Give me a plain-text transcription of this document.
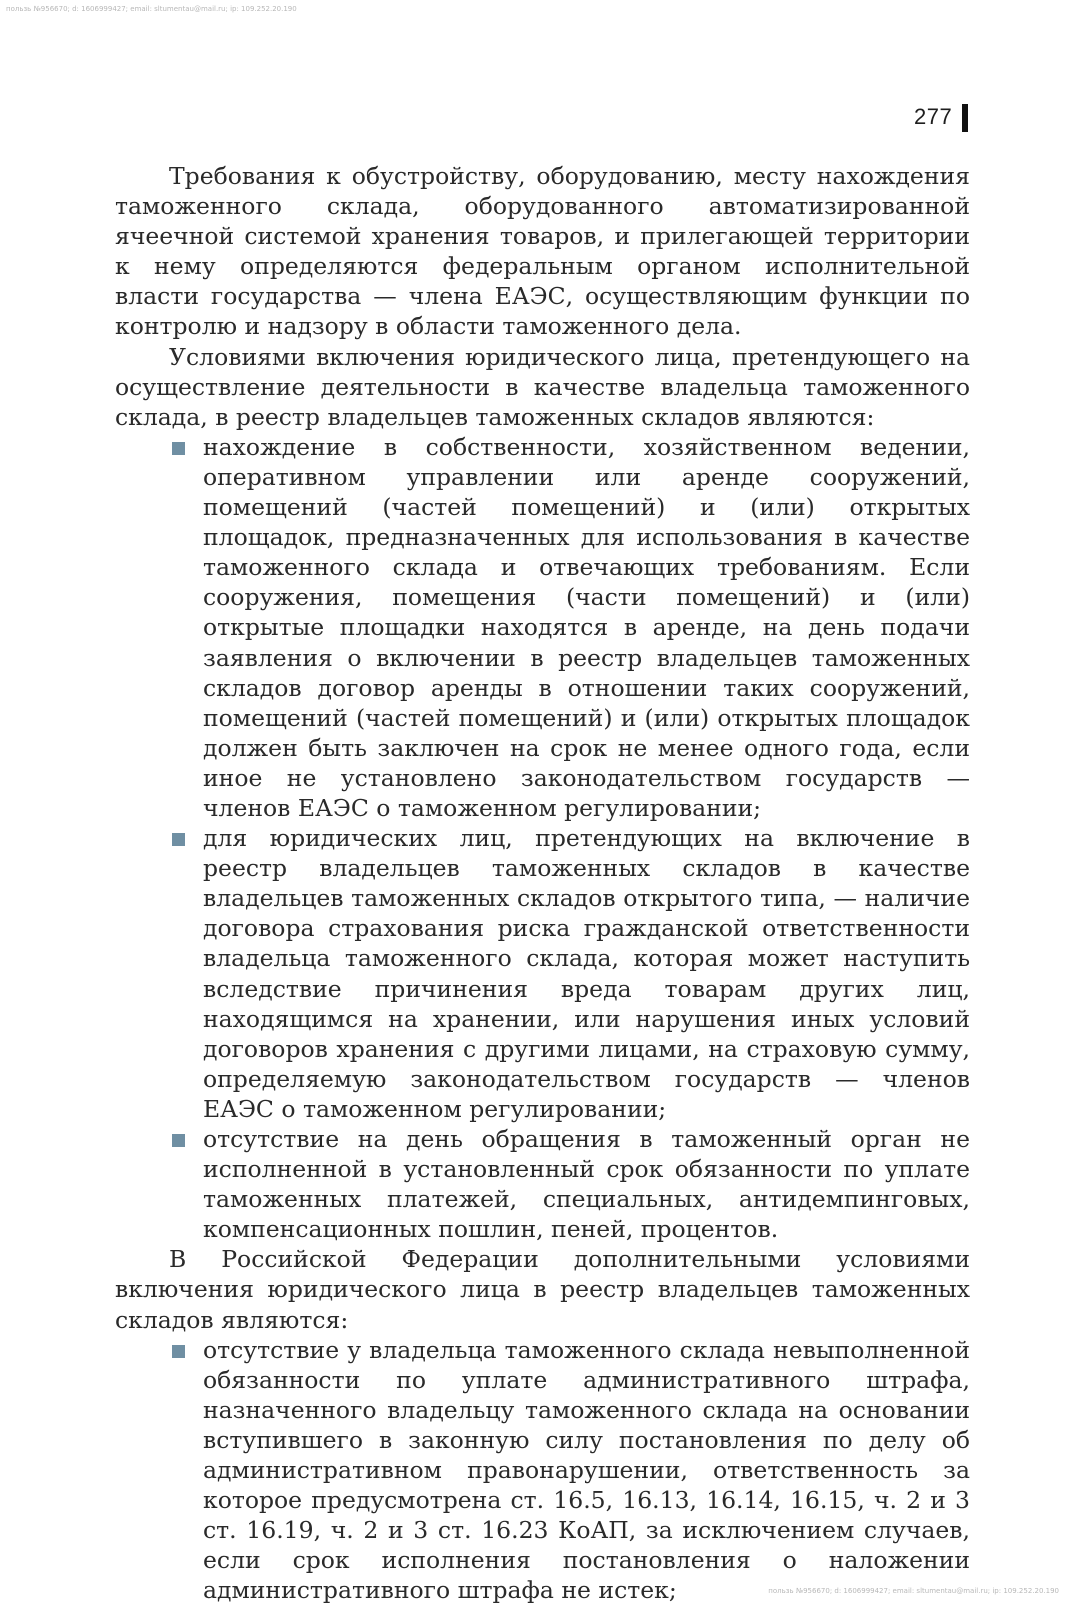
пользь №956670; d: 1606999427; email: sltumentau@mail.ru; ip: 109.252.20.190
277

Требования к обустройству, оборудованию, месту нахождения таможенного склада, оборудованного автоматизированной ячеечной системой хранения товаров, и прилегающей территории к нему определяются федеральным органом исполнительной власти государства — члена ЕАЭС, осуществляющим функции по контролю и надзору в области таможенного дела.

Условиями включения юридического лица, претендующего на осуществление деятельности в качестве владельца таможенного склада, в реестр владельцев таможенных складов являются:

нахождение в собственности, хозяйственном ведении, оперативном управлении или аренде сооружений, помещений (частей помещений) и (или) открытых площадок, предназначенных для использования в качестве таможенного склада и отвечающих требованиям. Если сооружения, помещения (части помещений) и (или) открытые площадки находятся в аренде, на день подачи заявления о включении в реестр владельцев таможенных складов договор аренды в отношении таких сооружений, помещений (частей помещений) и (или) открытых площадок должен быть заключен на срок не менее одного года, если иное не установлено законодательством государств — членов ЕАЭС о таможенном регулировании;
для юридических лиц, претендующих на включение в реестр владельцев таможенных складов в качестве владельцев таможенных складов открытого типа, — наличие договора страхования риска гражданской ответственности владельца таможенного склада, которая может наступить вследствие причинения вреда товарам других лиц, находящимся на хранении, или нарушения иных условий договоров хранения с другими лицами, на страховую сумму, определяемую законодательством государств — членов ЕАЭС о таможенном регулировании;
отсутствие на день обращения в таможенный орган не исполненной в установленный срок обязанности по уплате таможенных платежей, специальных, антидемпинговых, компенсационных пошлин, пеней, процентов.

В Российской Федерации дополнительными условиями включения юридического лица в реестр владельцев таможенных складов являются:

отсутствие у владельца таможенного склада невыполненной обязанности по уплате административного штрафа, назначенного владельцу таможенного склада на основании вступившего в законную силу постановления по делу об административном правонарушении, ответственность за которое предусмотрена ст. 16.5, 16.13, 16.14, 16.15, ч. 2 и 3 ст. 16.19, ч. 2 и 3 ст. 16.23 КоАП, за исключением случаев, если срок исполнения постановления о наложении административного штрафа не истек;	пользь №956670; d: 1606999427; email: sltumentau@mail.ru; ip: 109.252.20.190
